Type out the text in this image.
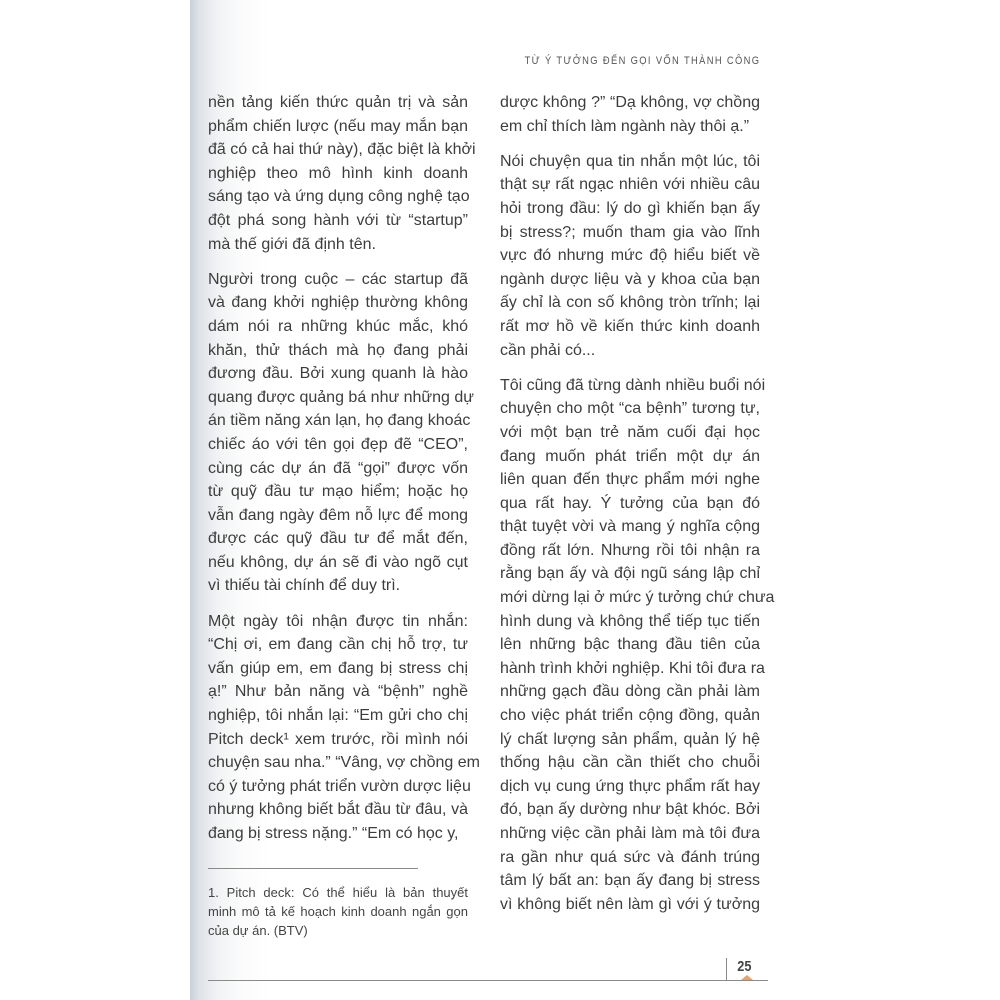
TỪ Ý TƯỞNG ĐẾN GỌI VỐN THÀNH CÔNG
nền tảng kiến thức quản trị và sản
phẩm chiến lược (nếu may mắn bạn
đã có cả hai thứ này), đặc biệt là khởi
nghiệp theo mô hình kinh doanh
sáng tạo và ứng dụng công nghệ tạo
đột phá song hành với từ “startup”
mà thế giới đã định tên.
Người trong cuộc – các startup đã
và đang khởi nghiệp thường không
dám nói ra những khúc mắc, khó
khăn, thử thách mà họ đang phải
đương đầu. Bởi xung quanh là hào
quang được quảng bá như những dự
án tiềm năng xán lạn, họ đang khoác
chiếc áo với tên gọi đẹp đẽ “CEO”,
cùng các dự án đã “gọi” được vốn
từ quỹ đầu tư mạo hiểm; hoặc họ
vẫn đang ngày đêm nỗ lực để mong
được các quỹ đầu tư để mắt đến,
nếu không, dự án sẽ đi vào ngõ cụt
vì thiếu tài chính để duy trì.
Một ngày tôi nhận được tin nhắn:
“Chị ơi, em đang cần chị hỗ trợ, tư
vấn giúp em, em đang bị stress chị
ạ!” Như bản năng và “bệnh” nghề
nghiệp, tôi nhắn lại: “Em gửi cho chị
Pitch deck¹ xem trước, rồi mình nói
chuyện sau nha.” “Vâng, vợ chồng em
có ý tưởng phát triển vườn dược liệu
nhưng không biết bắt đầu từ đâu, và
đang bị stress nặng.” “Em có học y,
dược không ?” “Dạ không, vợ chồng
em chỉ thích làm ngành này thôi ạ.”
Nói chuyện qua tin nhắn một lúc, tôi
thật sự rất ngạc nhiên với nhiều câu
hỏi trong đầu: lý do gì khiến bạn ấy
bị stress?; muốn tham gia vào lĩnh
vực đó nhưng mức độ hiểu biết về
ngành dược liệu và y khoa của bạn
ấy chỉ là con số không tròn trĩnh; lại
rất mơ hồ về kiến thức kinh doanh
cần phải có...
Tôi cũng đã từng dành nhiều buổi nói
chuyện cho một “ca bệnh” tương tự,
với một bạn trẻ năm cuối đại học
đang muốn phát triển một dự án
liên quan đến thực phẩm mới nghe
qua rất hay. Ý tưởng của bạn đó
thật tuyệt vời và mang ý nghĩa cộng
đồng rất lớn. Nhưng rồi tôi nhận ra
rằng bạn ấy và đội ngũ sáng lập chỉ
mới dừng lại ở mức ý tưởng chứ chưa
hình dung và không thể tiếp tục tiến
lên những bậc thang đầu tiên của
hành trình khởi nghiệp. Khi tôi đưa ra
những gạch đầu dòng cần phải làm
cho việc phát triển cộng đồng, quản
lý chất lượng sản phẩm, quản lý hệ
thống hậu cần cần thiết cho chuỗi
dịch vụ cung ứng thực phẩm rất hay
đó, bạn ấy dường như bật khóc. Bởi
những việc cần phải làm mà tôi đưa
ra gần như quá sức và đánh trúng
tâm lý bất an: bạn ấy đang bị stress
vì không biết nên làm gì với ý tưởng
1. Pitch deck: Có thể hiểu là bản thuyết
minh mô tả kế hoạch kinh doanh ngắn gọn
của dự án. (BTV)
25
